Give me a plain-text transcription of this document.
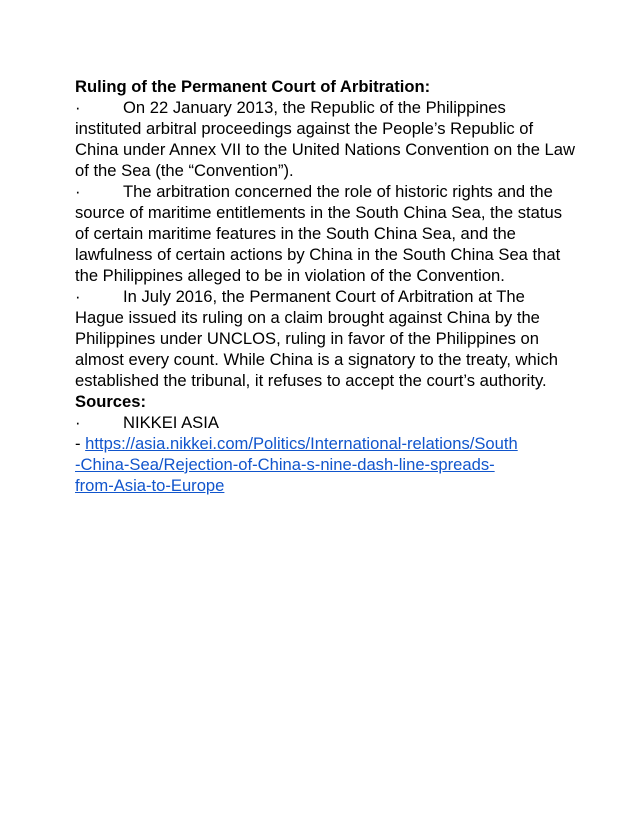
Ruling of the Permanent Court of Arbitration:

·	On 22 January 2013, the Republic of the Philippines instituted arbitral proceedings against the People’s Republic of China under Annex VII to the United Nations Convention on the Law of the Sea (the “Convention”).

·	The arbitration concerned the role of historic rights and the source of maritime entitlements in the South China Sea, the status of certain maritime features in the South China Sea, and the lawfulness of certain actions by China in the South China Sea that the Philippines alleged to be in violation of the Convention.

·	In July 2016, the Permanent Court of Arbitration at The Hague issued its ruling on a claim brought against China by the Philippines under UNCLOS, ruling in favor of the Philippines on almost every count. While China is a signatory to the treaty, which established the tribunal, it refuses to accept the court’s authority.

Sources:

·	NIKKEI ASIA

- https://asia.nikkei.com/Politics/International-relations/South
-China-Sea/Rejection-of-China-s-nine-dash-line-spreads-
from-Asia-to-Europe
